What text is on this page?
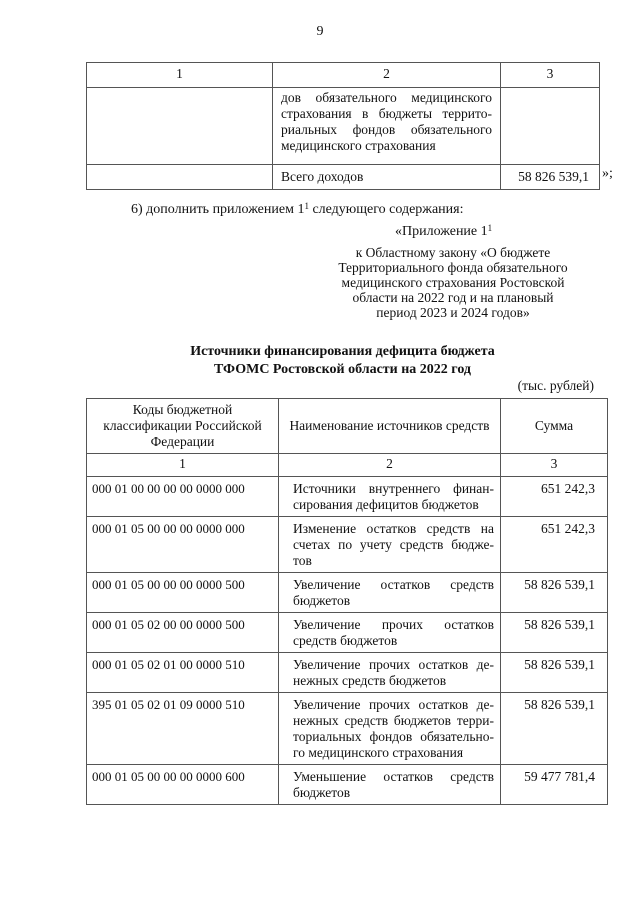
9
1	2	3
	дов обязательного медицинского страхования в бюджеты террито-риальных фондов обязательного медицинского страхования	
	Всего доходов	58 826 539,1 »;
6) дополнить приложением $1^1$ следующего содержания:
«Приложение $1^1$
к Областному закону «О бюджете
Территориального фонда обязательного
медицинского страхования Ростовской
области на 2022 год и на плановый
период 2023 и 2024 годов»
Источники финансирования дефицита бюджета
ТФОМС Ростовской области на 2022 год
(тыс. рублей)
Коды бюджетной классификации Российской Федерации	Наименование источников средств	Сумма
1	2	3
000 01 00 00 00 00 0000 000	Источники внутреннего финан-сирования дефицитов бюджетов	651 242,3
000 01 05 00 00 00 0000 000	Изменение остатков средств на счетах по учету средств бюдже-тов	651 242,3
000 01 05 00 00 00 0000 500	Увеличение остатков средств бюджетов	58 826 539,1
000 01 05 02 00 00 0000 500	Увеличение прочих остатков средств бюджетов	58 826 539,1
000 01 05 02 01 00 0000 510	Увеличение прочих остатков де-нежных средств бюджетов	58 826 539,1
395 01 05 02 01 09 0000 510	Увеличение прочих остатков де-нежных средств бюджетов терри-ториальных фондов обязательно-го медицинского страхования	58 826 539,1
000 01 05 00 00 00 0000 600	Уменьшение остатков средств бюджетов	59 477 781,4
